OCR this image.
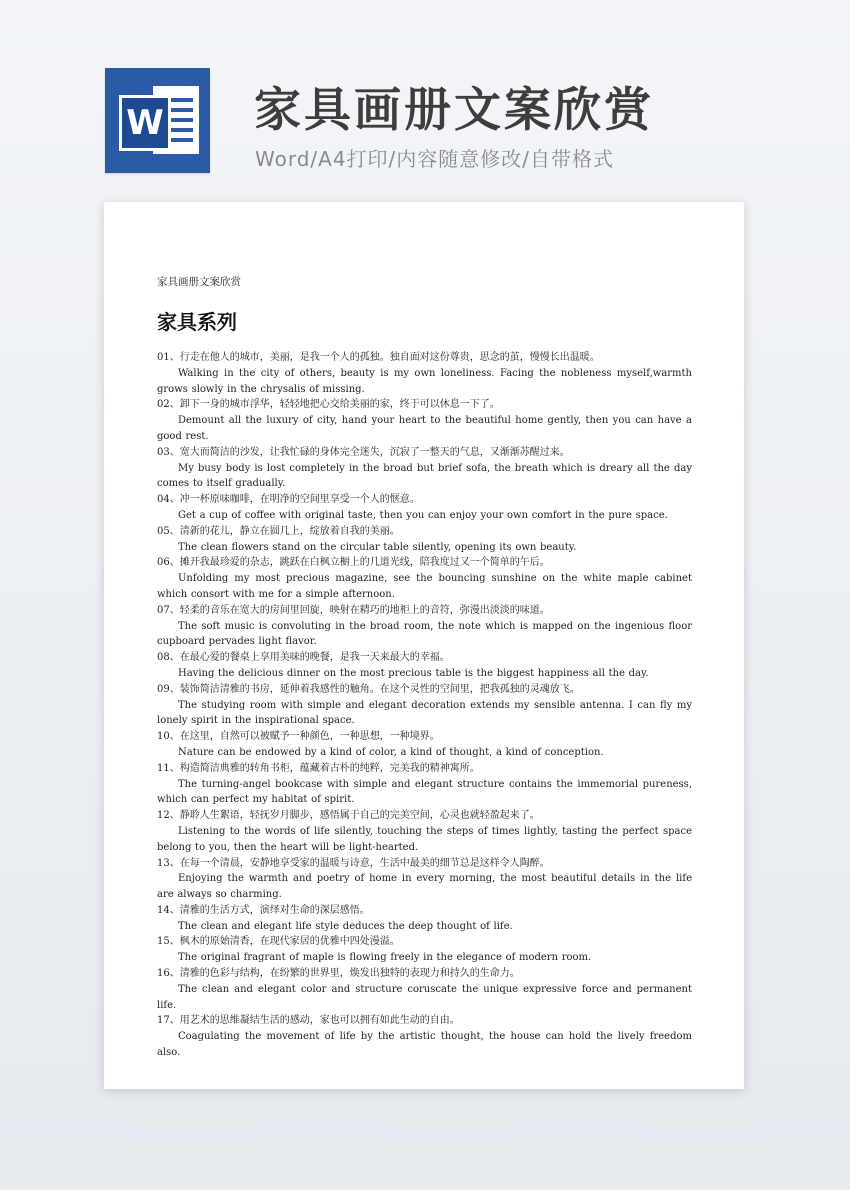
W 家具画册文案欣赏
Word/A4打印/内容随意修改/自带格式
家具画册文案欣赏
家具系列
01、行走在他人的城市，美丽，是我一个人的孤独。独自面对这份尊贵，思念的茧，慢慢长出温暖。
Walking in the city of others, beauty is my own loneliness. Facing the nobleness myself,warmth grows slowly in the chrysalis of missing.
02、卸下一身的城市浮华，轻轻地把心交给美丽的家，终于可以休息一下了。
Demount all the luxury of city, hand your heart to the beautiful home gently, then you can have a good rest.
03、宽大而简洁的沙发，让我忙碌的身体完全迷失，沉寂了一整天的气息，又渐渐苏醒过来。
My busy body is lost completely in the broad but brief sofa, the breath which is dreary all the day comes to itself gradually.
04、冲一杯原味咖啡，在明净的空间里享受一个人的惬意。
Get a cup of coffee with original taste, then you can enjoy your own comfort in the pure space.
05、清新的花儿，静立在圆几上，绽放着自我的美丽。
The clean flowers stand on the circular table silently, opening its own beauty.
06、摊开我最珍爱的杂志，跳跃在白枫立橱上的几道光线，陪我度过又一个简单的午后。
Unfolding my most precious magazine, see the bouncing sunshine on the white maple cabinet which consort with me for a simple afternoon.
07、轻柔的音乐在宽大的房间里回旋，映射在精巧的地柜上的音符，弥漫出淡淡的味道。
The soft music is convoluting in the broad room, the note which is mapped on the ingenious floor cupboard pervades light flavor.
08、在最心爱的餐桌上享用美味的晚餐，是我一天来最大的幸福。
Having the delicious dinner on the most precious table is the biggest happiness all the day.
09、装饰简洁清雅的书房，延伸着我感性的触角。在这个灵性的空间里，把我孤独的灵魂放飞。
The studying room with simple and elegant decoration extends my sensible antenna. I can fly my lonely spirit in the inspirational space.
10、在这里，自然可以被赋予一种颜色，一种思想，一种境界。
Nature can be endowed by a kind of color, a kind of thought, a kind of conception.
11、构造简洁典雅的转角书柜，蕴藏着古朴的纯粹，完美我的精神寓所。
The turning-angel bookcase with simple and elegant structure contains the immemorial pureness, which can perfect my habitat of spirit.
12、静聆人生絮语，轻抚岁月脚步，感悟属于自己的完美空间，心灵也就轻盈起来了。
Listening to the words of life silently, touching the steps of times lightly, tasting the perfect space belong to you, then the heart will be light-hearted.
13、在每一个清晨，安静地享受家的温暖与诗意，生活中最美的细节总是这样令人陶醉。
Enjoying the warmth and poetry of home in every morning, the most beautiful details in the life are always so charming.
14、清雅的生活方式，演绎对生命的深层感悟。
The clean and elegant life style deduces the deep thought of life.
15、枫木的原始清香，在现代家居的优雅中四处漫溢。
The original fragrant of maple is flowing freely in the elegance of modern room.
16、清雅的色彩与结构，在纷繁的世界里，焕发出独特的表现力和持久的生命力。
The clean and elegant color and structure coruscate the unique expressive force and permanent life.
17、用艺术的思维凝结生活的感动，家也可以拥有如此生动的自由。
Coagulating the movement of life by the artistic thought, the house can hold the lively freedom also.
